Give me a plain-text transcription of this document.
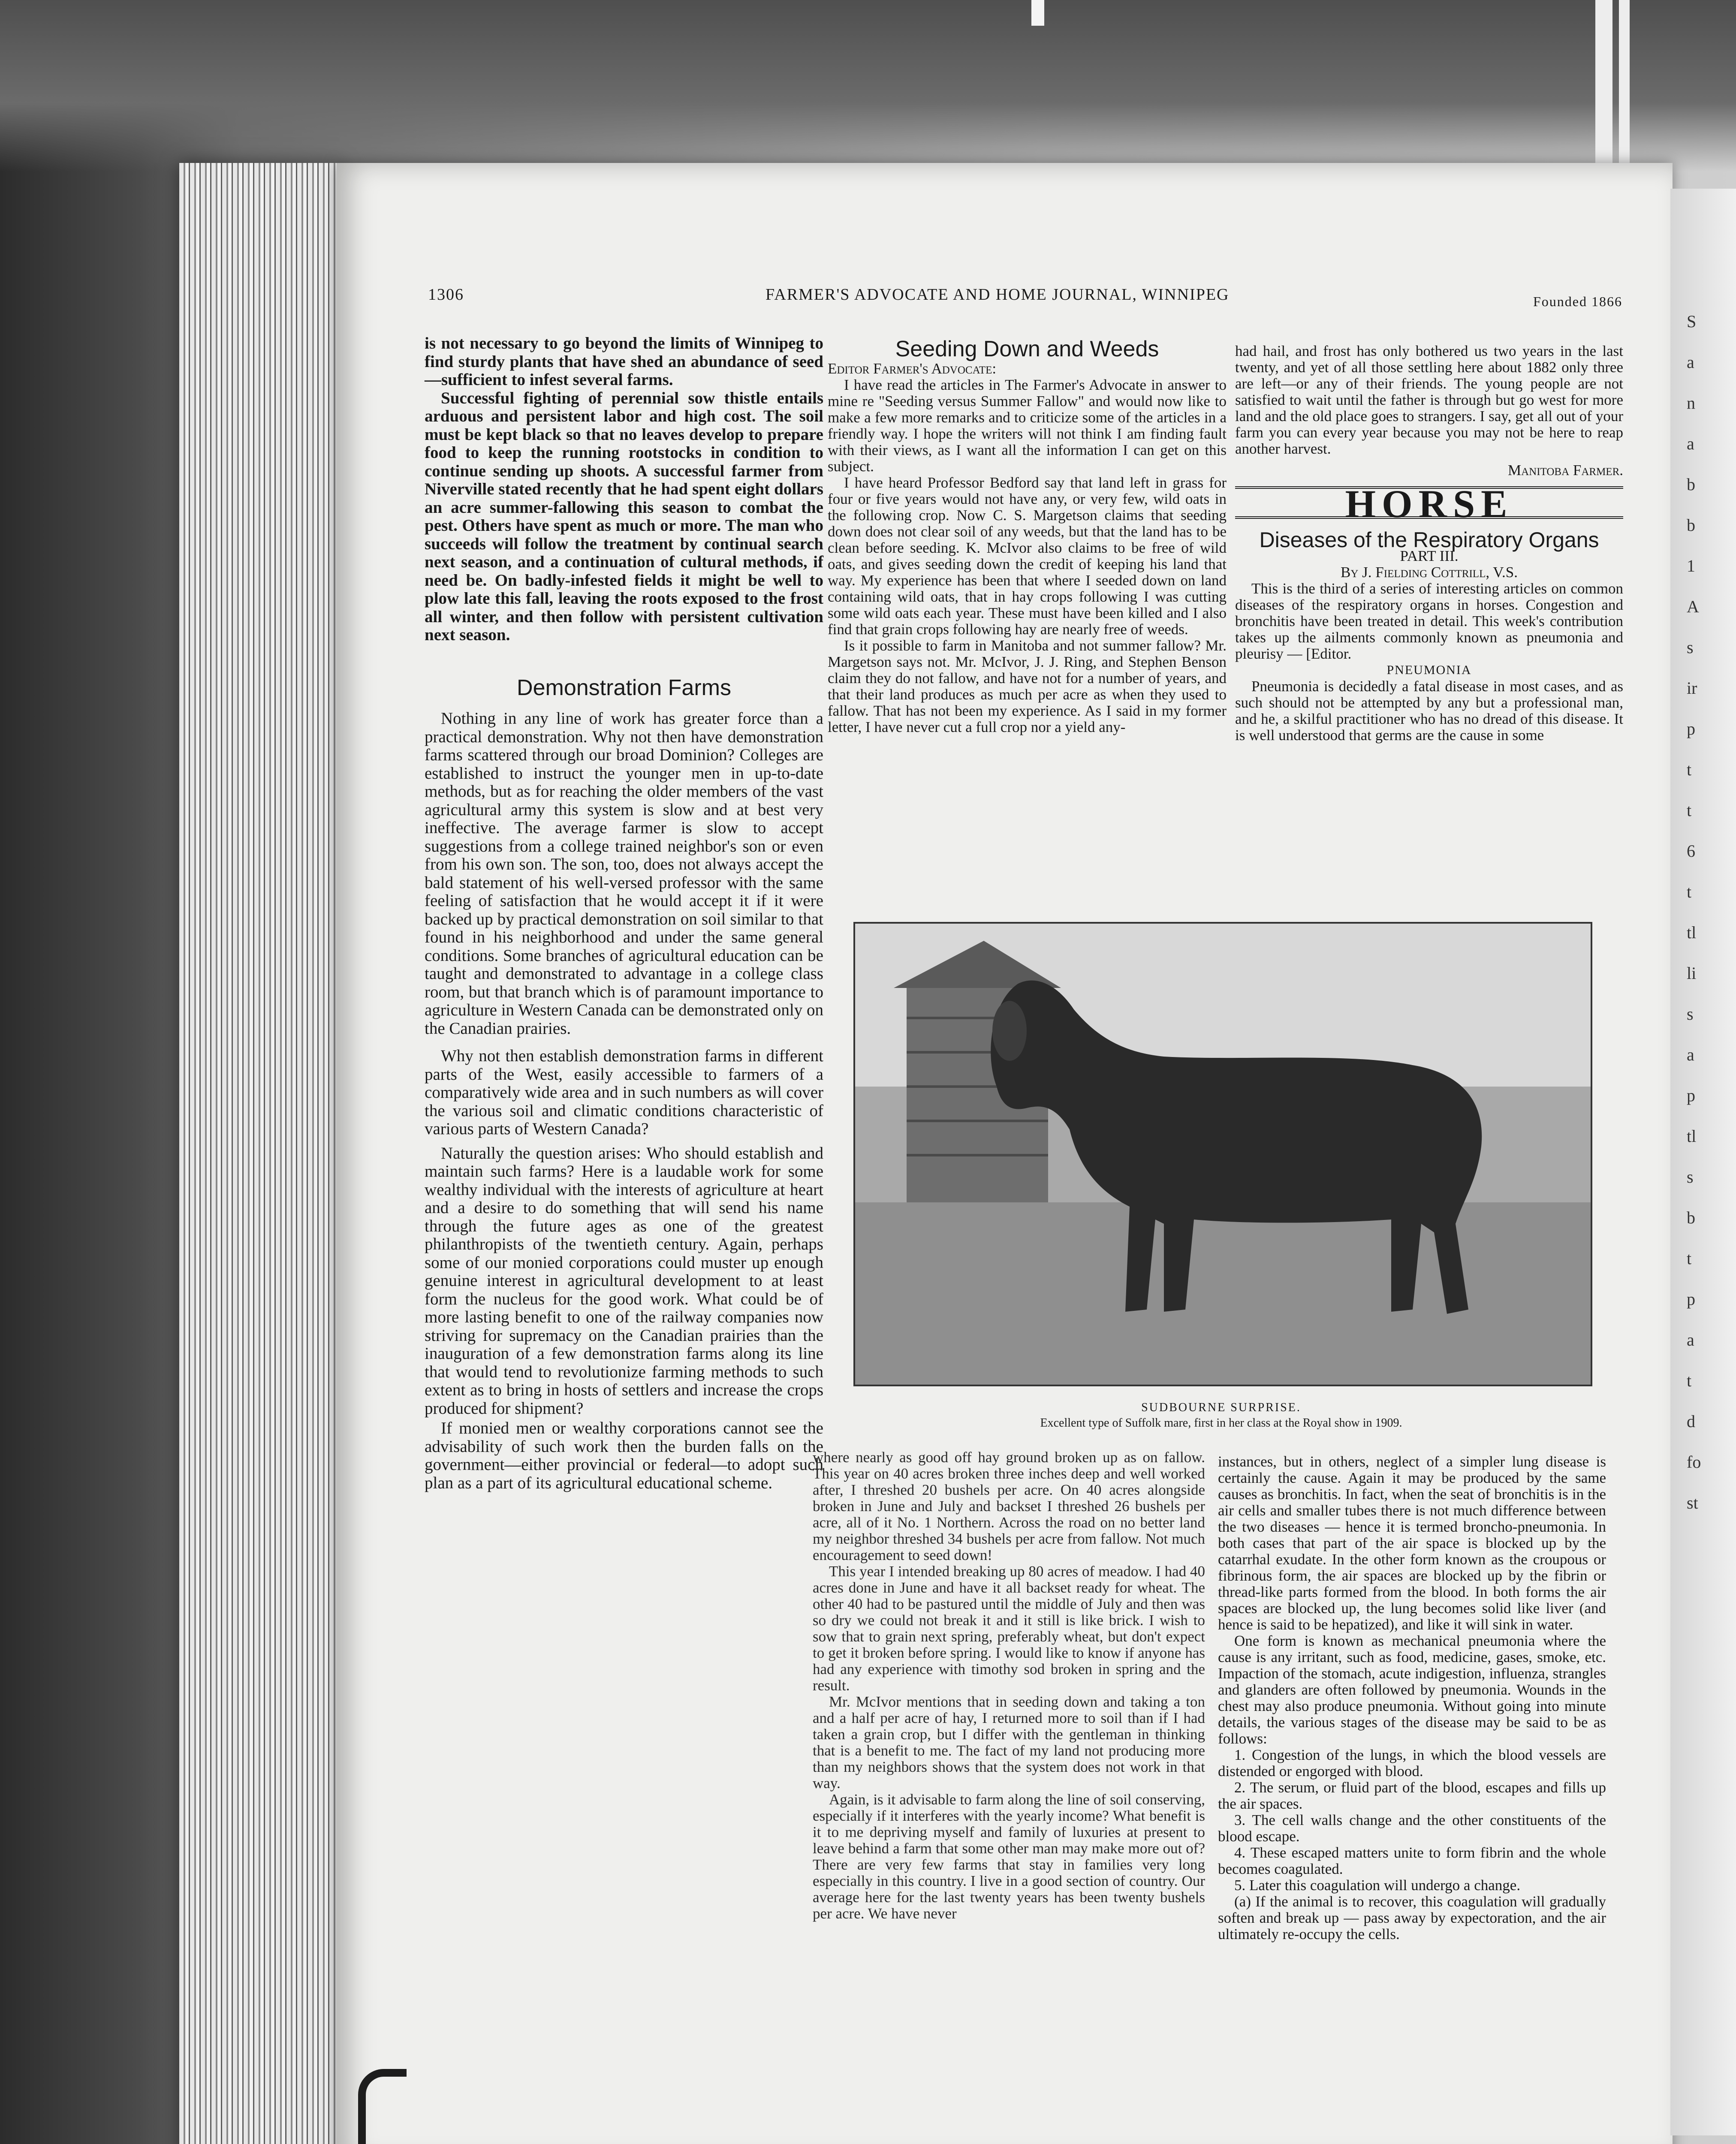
S
a
n
a
b
b
1
A
s
ir
p
t
t
6
t
tl
li
s
a
p
tl
s
b
t
p
a
t
d
fo
st
1306	FARMER'S ADVOCATE AND HOME JOURNAL, WINNIPEG	Founded 1866

is not necessary to go beyond the limits of Winnipeg to find sturdy plants that have shed an abundance of seed—sufficient to infest several farms.

Successful fighting of perennial sow thistle entails arduous and persistent labor and high cost. The soil must be kept black so that no leaves develop to prepare food to keep the running rootstocks in condition to continue sending up shoots. A successful farmer from Niverville stated recently that he had spent eight dollars an acre summer-fallowing this season to combat the pest. Others have spent as much or more. The man who succeeds will follow the treatment by continual search next season, and a continuation of cultural methods, if need be. On badly-infested fields it might be well to plow late this fall, leaving the roots exposed to the frost all winter, and then follow with persistent cultivation next season.

Demonstration Farms

Nothing in any line of work has greater force than a practical demonstration. Why not then have demonstration farms scattered through our broad Dominion? Colleges are established to instruct the younger men in up-to-date methods, but as for reaching the older members of the vast agricultural army this system is slow and at best very ineffective. The average farmer is slow to accept suggestions from a college trained neighbor's son or even from his own son. The son, too, does not always accept the bald statement of his well-versed professor with the same feeling of satisfaction that he would accept it if it were backed up by practical demonstration on soil similar to that found in his neighborhood and under the same general conditions. Some branches of agricultural education can be taught and demonstrated to advantage in a college class room, but that branch which is of paramount importance to agriculture in Western Canada can be demonstrated only on the Canadian prairies.

Why not then establish demonstration farms in different parts of the West, easily accessible to farmers of a comparatively wide area and in such numbers as will cover the various soil and climatic conditions characteristic of various parts of Western Canada?

Naturally the question arises: Who should establish and maintain such farms? Here is a laudable work for some wealthy individual with the interests of agriculture at heart and a desire to do something that will send his name through the future ages as one of the greatest philanthropists of the twentieth century. Again, perhaps some of our monied corporations could muster up enough genuine interest in agricultural development to at least form the nucleus for the good work. What could be of more lasting benefit to one of the railway companies now striving for supremacy on the Canadian prairies than the inauguration of a few demonstration farms along its line that would tend to revolutionize farming methods to such extent as to bring in hosts of settlers and increase the crops produced for shipment?

If monied men or wealthy corporations cannot see the advisability of such work then the burden falls on the government—either provincial or federal—to adopt such plan as a part of its agricultural educational scheme.

Seeding Down and Weeds

Editor Farmer's Advocate:

I have read the articles in The Farmer's Advocate in answer to mine re "Seeding versus Summer Fallow" and would now like to make a few more remarks and to criticize some of the articles in a friendly way. I hope the writers will not think I am finding fault with their views, as I want all the information I can get on this subject.

I have heard Professor Bedford say that land left in grass for four or five years would not have any, or very few, wild oats in the following crop. Now C. S. Margetson claims that seeding down does not clear soil of any weeds, but that the land has to be clean before seeding. K. McIvor also claims to be free of wild oats, and gives seeding down the credit of keeping his land that way. My experience has been that where I seeded down on land containing wild oats, that in hay crops following I was cutting some wild oats each year. These must have been killed and I also find that grain crops following hay are nearly free of weeds.

Is it possible to farm in Manitoba and not summer fallow? Mr. Margetson says not. Mr. McIvor, J. J. Ring, and Stephen Benson claim they do not fallow, and have not for a number of years, and that their land produces as much per acre as when they used to fallow. That has not been my experience. As I said in my former letter, I have never cut a full crop nor a yield any-

had hail, and frost has only bothered us two years in the last twenty, and yet of all those settling here about 1882 only three are left—or any of their friends. The young people are not satisfied to wait until the father is through but go west for more land and the old place goes to strangers. I say, get all out of your farm you can every year because you may not be here to reap another harvest.

Manitoba Farmer.

HORSE
Diseases of the Respiratory Organs

PART III.

By J. Fielding Cottrill, V.S.

This is the third of a series of interesting articles on common diseases of the respiratory organs in horses. Congestion and bronchitis have been treated in detail. This week's contribution takes up the ailments commonly known as pneumonia and pleurisy — [Editor.

PNEUMONIA

Pneumonia is decidedly a fatal disease in most cases, and as such should not be attempted by any but a professional man, and he, a skilful practitioner who has no dread of this disease. It is well understood that germs are the cause in some

SUDBOURNE SURPRISE.
Excellent type of Suffolk mare, first in her class at the Royal show in 1909.

where nearly as good off hay ground broken up as on fallow. This year on 40 acres broken three inches deep and well worked after, I threshed 20 bushels per acre. On 40 acres alongside broken in June and July and backset I threshed 26 bushels per acre, all of it No. 1 Northern. Across the road on no better land my neighbor threshed 34 bushels per acre from fallow. Not much encouragement to seed down!

This year I intended breaking up 80 acres of meadow. I had 40 acres done in June and have it all backset ready for wheat. The other 40 had to be pastured until the middle of July and then was so dry we could not break it and it still is like brick. I wish to sow that to grain next spring, preferably wheat, but don't expect to get it broken before spring. I would like to know if anyone has had any experience with timothy sod broken in spring and the result.

Mr. McIvor mentions that in seeding down and taking a ton and a half per acre of hay, I returned more to soil than if I had taken a grain crop, but I differ with the gentleman in thinking that is a benefit to me. The fact of my land not producing more than my neighbors shows that the system does not work in that way.

Again, is it advisable to farm along the line of soil conserving, especially if it interferes with the yearly income? What benefit is it to me depriving myself and family of luxuries at present to leave behind a farm that some other man may make more out of? There are very few farms that stay in families very long especially in this country. I live in a good section of country. Our average here for the last twenty years has been twenty bushels per acre. We have never

instances, but in others, neglect of a simpler lung disease is certainly the cause. Again it may be produced by the same causes as bronchitis. In fact, when the seat of bronchitis is in the air cells and smaller tubes there is not much difference between the two diseases — hence it is termed broncho-pneumonia. In both cases that part of the air space is blocked up by the catarrhal exudate. In the other form known as the croupous or fibrinous form, the air spaces are blocked up by the fibrin or thread-like parts formed from the blood. In both forms the air spaces are blocked up, the lung becomes solid like liver (and hence is said to be hepatized), and like it will sink in water.

One form is known as mechanical pneumonia where the cause is any irritant, such as food, medicine, gases, smoke, etc. Impaction of the stomach, acute indigestion, influenza, strangles and glanders are often followed by pneumonia. Wounds in the chest may also produce pneumonia. Without going into minute details, the various stages of the disease may be said to be as follows:

1. Congestion of the lungs, in which the blood vessels are distended or engorged with blood.

2. The serum, or fluid part of the blood, escapes and fills up the air spaces.

3. The cell walls change and the other constituents of the blood escape.

4. These escaped matters unite to form fibrin and the whole becomes coagulated.

5. Later this coagulation will undergo a change.

(a) If the animal is to recover, this coagulation will gradually soften and break up — pass away by expectoration, and the air ultimately re-occupy the cells.
